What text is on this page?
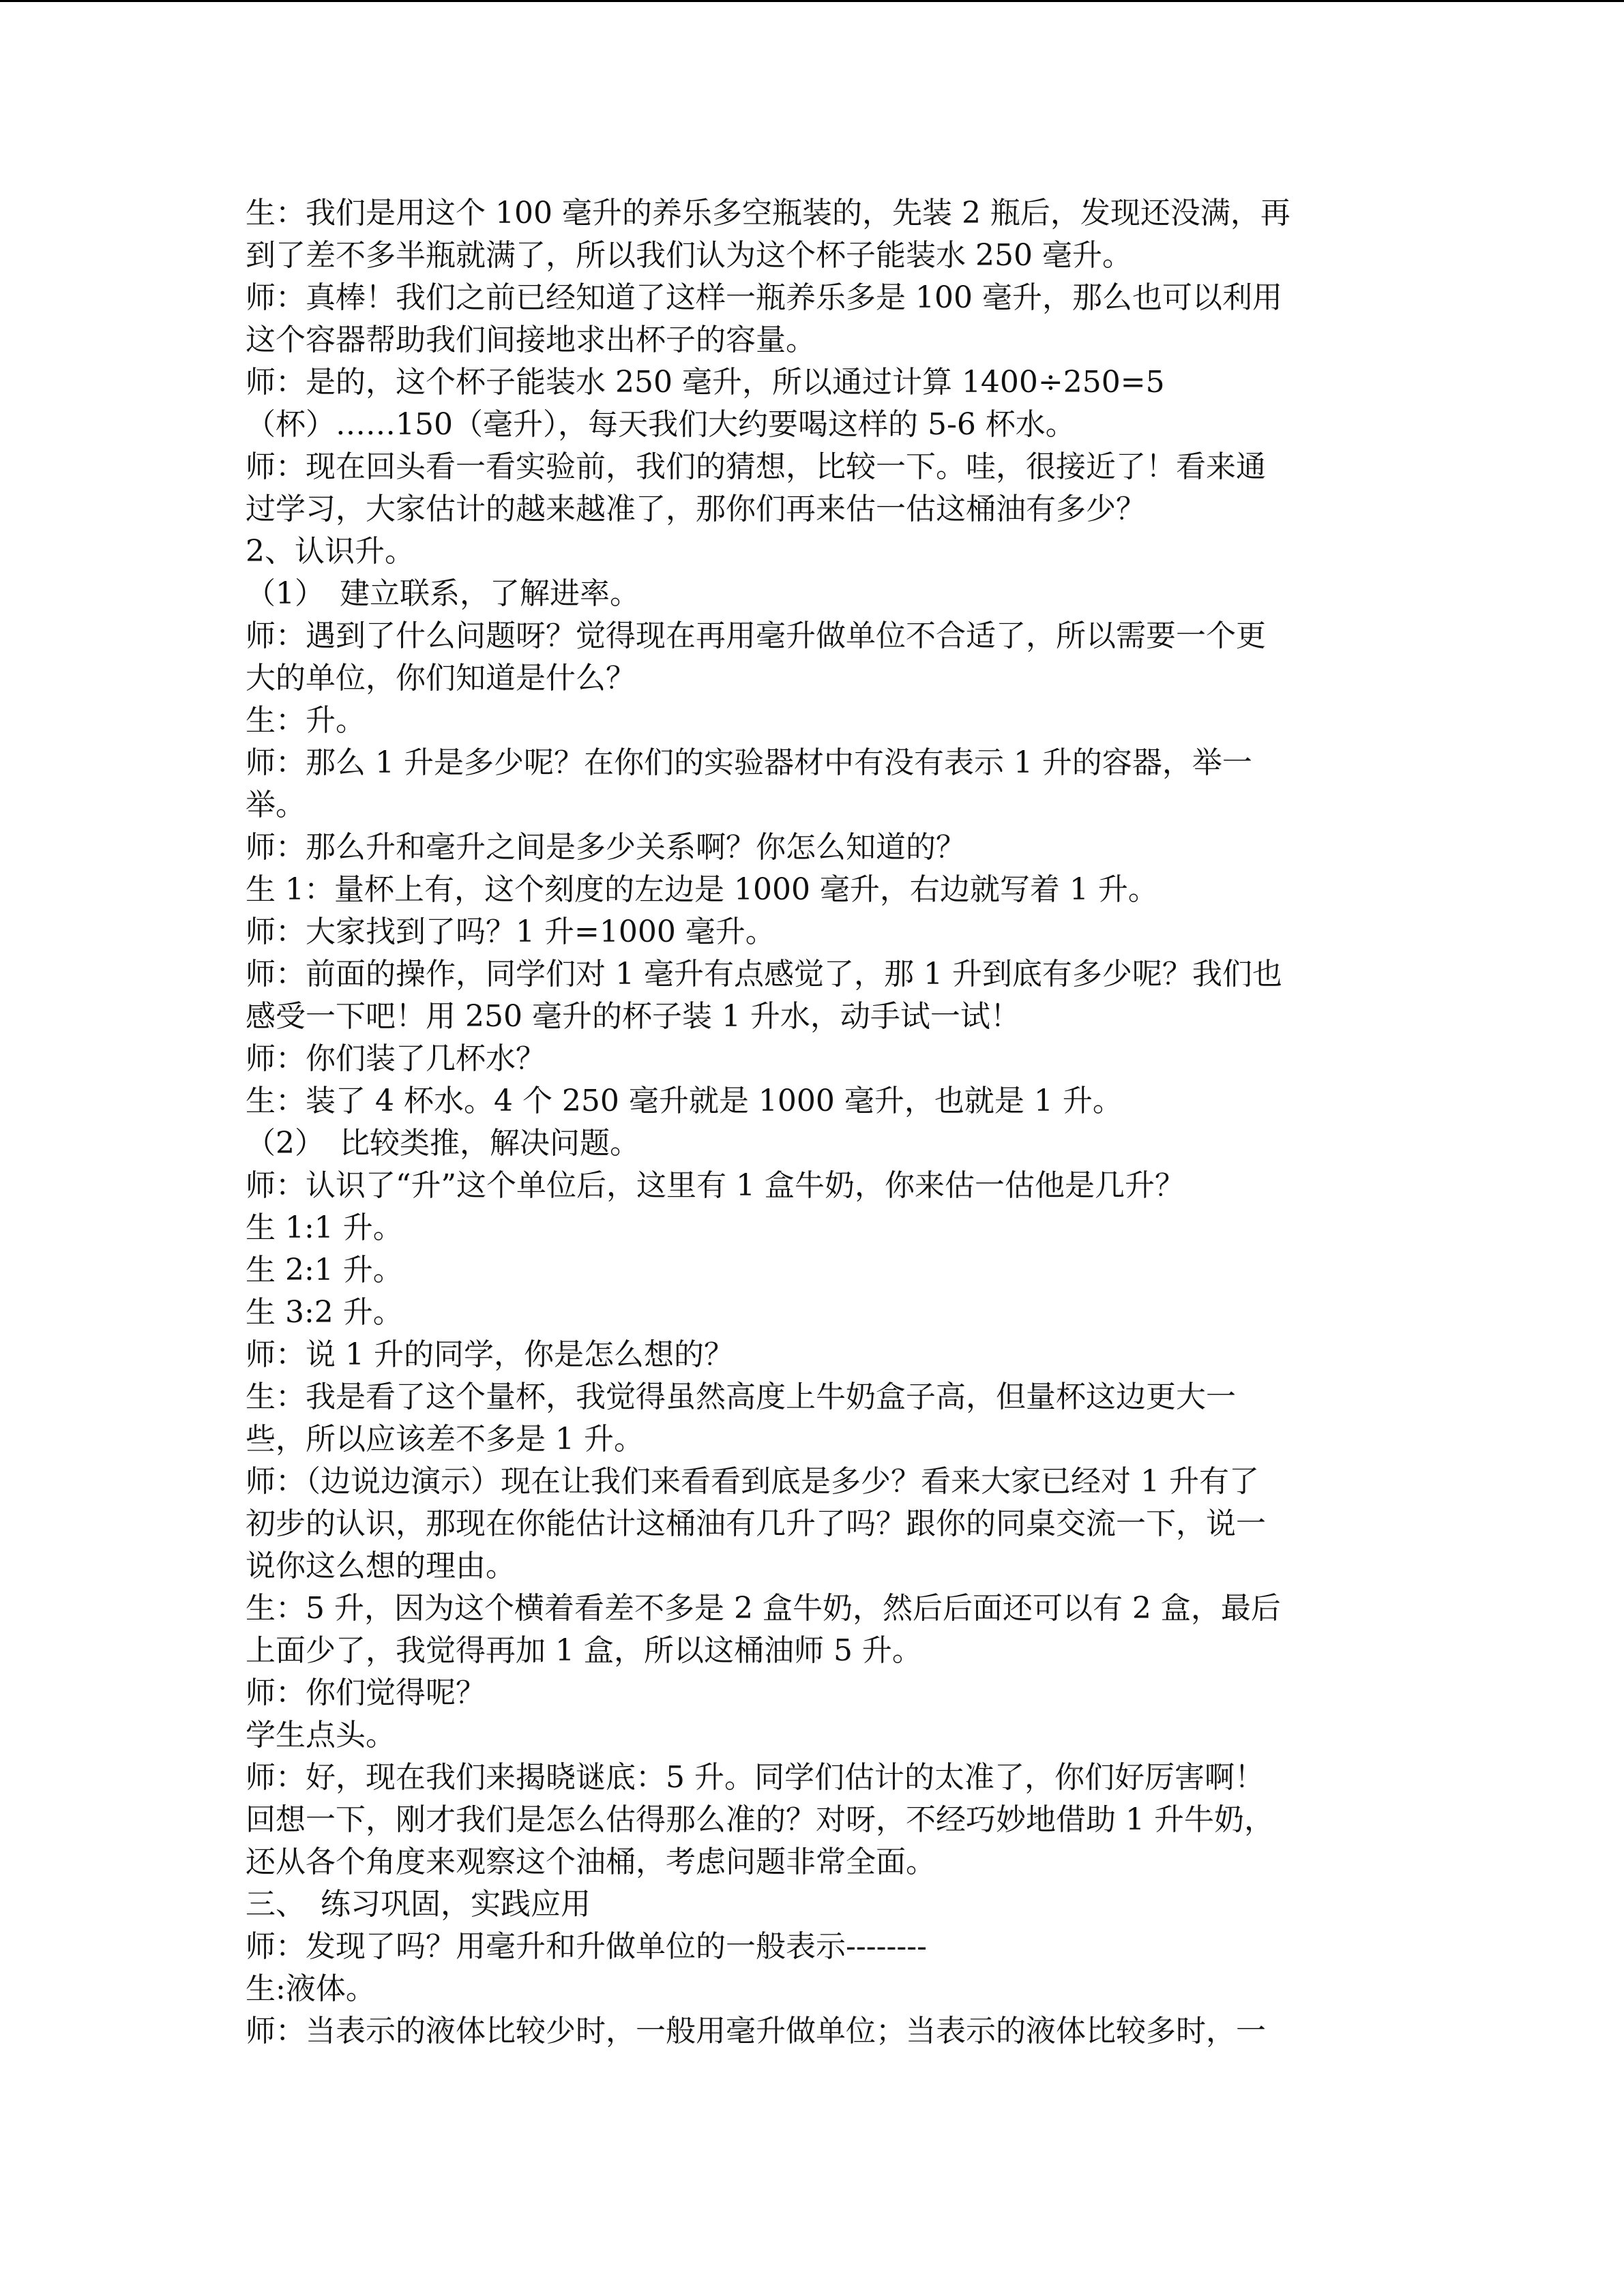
生：我们是用这个 100 毫升的养乐多空瓶装的，先装 2 瓶后，发现还没满，再
到了差不多半瓶就满了，所以我们认为这个杯子能装水 250 毫升。
师：真棒！我们之前已经知道了这样一瓶养乐多是 100 毫升，那么也可以利用
这个容器帮助我们间接地求出杯子的容量。
师：是的，这个杯子能装水 250 毫升，所以通过计算 1400÷250=5
（杯）……150（毫升），每天我们大约要喝这样的 5-6 杯水。
师：现在回头看一看实验前，我们的猜想，比较一下。哇，很接近了！看来通
过学习，大家估计的越来越准了，那你们再来估一估这桶油有多少？
2、认识升。
（1）　建立联系，了解进率。
师：遇到了什么问题呀？觉得现在再用毫升做单位不合适了，所以需要一个更
大的单位，你们知道是什么？
生：升。
师：那么 1 升是多少呢？在你们的实验器材中有没有表示 1 升的容器，举一
举。
师：那么升和毫升之间是多少关系啊？你怎么知道的？
生 1：量杯上有，这个刻度的左边是 1000 毫升，右边就写着 1 升。
师：大家找到了吗？1 升=1000 毫升。
师：前面的操作，同学们对 1 毫升有点感觉了，那 1 升到底有多少呢？我们也
感受一下吧！用 250 毫升的杯子装 1 升水，动手试一试！
师：你们装了几杯水？
生：装了 4 杯水。4 个 250 毫升就是 1000 毫升，也就是 1 升。
（2）　比较类推，解决问题。
师：认识了“升”这个单位后，这里有 1 盒牛奶，你来估一估他是几升？
生 1:1 升。
生 2:1 升。
生 3:2 升。
师：说 1 升的同学，你是怎么想的？
生：我是看了这个量杯，我觉得虽然高度上牛奶盒子高，但量杯这边更大一
些，所以应该差不多是 1 升。
师：（边说边演示）现在让我们来看看到底是多少？看来大家已经对 1 升有了
初步的认识，那现在你能估计这桶油有几升了吗？跟你的同桌交流一下，说一
说你这么想的理由。
生：5 升，因为这个横着看差不多是 2 盒牛奶，然后后面还可以有 2 盒，最后
上面少了，我觉得再加 1 盒，所以这桶油师 5 升。
师：你们觉得呢？
学生点头。
师：好，现在我们来揭晓谜底：5 升。同学们估计的太准了，你们好厉害啊！
回想一下，刚才我们是怎么估得那么准的？对呀，不经巧妙地借助 1 升牛奶，
还从各个角度来观察这个油桶，考虑问题非常全面。
三、　练习巩固，实践应用
师：发现了吗？用毫升和升做单位的一般表示--------
生:液体。
师：当表示的液体比较少时，一般用毫升做单位；当表示的液体比较多时，一
